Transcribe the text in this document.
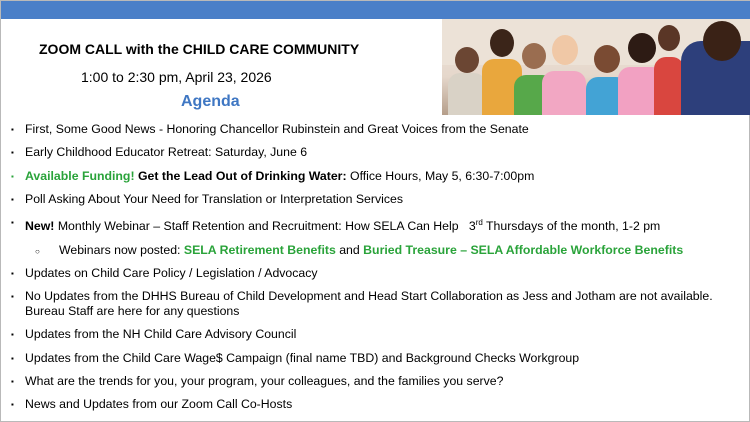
ZOOM CALL with the CHILD CARE COMMUNITY
1:00 to 2:30 pm, April 23, 2026
Agenda
▪ First, Some Good News - Honoring Chancellor Rubinstein and Great Voices from the Senate
▪ Early Childhood Educator Retreat: Saturday, June 6
▪ Available Funding! Get the Lead Out of Drinking Water: Office Hours, May 5, 6:30-7:00pm
▪ Poll Asking About Your Need for Translation or Interpretation Services
▪ New! Monthly Webinar – Staff Retention and Recruitment: How SELA Can Help 3rd Thursdays of the month, 1-2 pm
○ Webinars now posted: SELA Retirement Benefits and Buried Treasure – SELA Affordable Workforce Benefits
▪ Updates on Child Care Policy / Legislation / Advocacy
▪ No Updates from the DHHS Bureau of Child Development and Head Start Collaboration as Jess and Jotham are not available. Bureau Staff are here for any questions
▪ Updates from the NH Child Care Advisory Council
▪ Updates from the Child Care Wage$ Campaign (final name TBD) and Background Checks Workgroup
▪ What are the trends for you, your program, your colleagues, and the families you serve?
▪ News and Updates from our Zoom Call Co-Hosts
